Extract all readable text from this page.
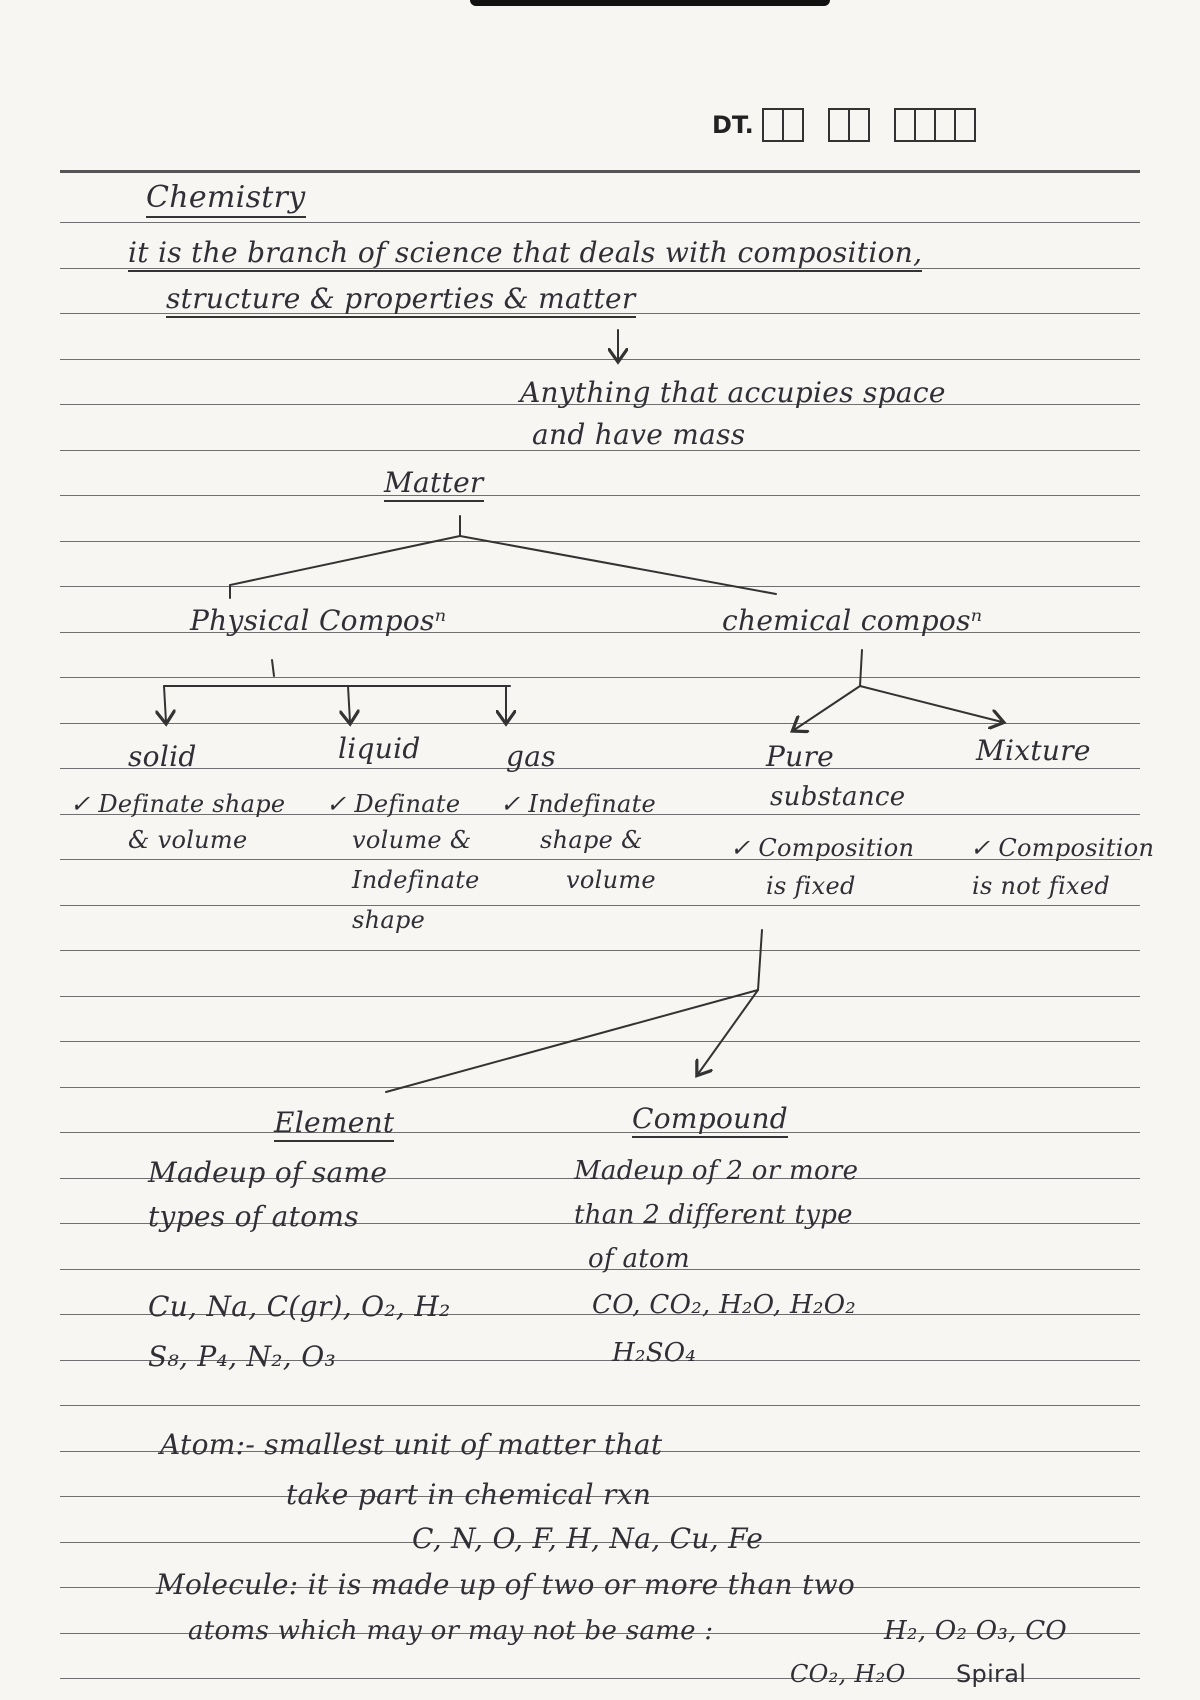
DT.
Chemistry
it is the branch of science that deals with composition,
structure & properties & matter
Anything that accupies space
and have mass
Matter
Physical Composⁿ	chemical composⁿ
solid	liquid	gas
✓ Definate shape
& volume
✓ Definate
volume &
Indefinate
shape
✓ Indefinate
shape &
volume
Pure
substance
Mixture
✓ Composition
is fixed
✓ Composition
is not fixed
Element
Madeup of same
types of atoms
Cu, Na, C(gr), O₂, H₂
S₈, P₄, N₂, O₃
Compound
Madeup of 2 or more
than 2 different type
of atom
CO, CO₂, H₂O, H₂O₂
H₂SO₄
Atom:- smallest unit of matter that
take part in chemical rxn
C, N, O, F, H, Na, Cu, Fe
Molecule: it is made up of two or more than two
atoms which may or may not be same :	H₂, O₂ O₃, CO
CO₂, H₂O Spiral
